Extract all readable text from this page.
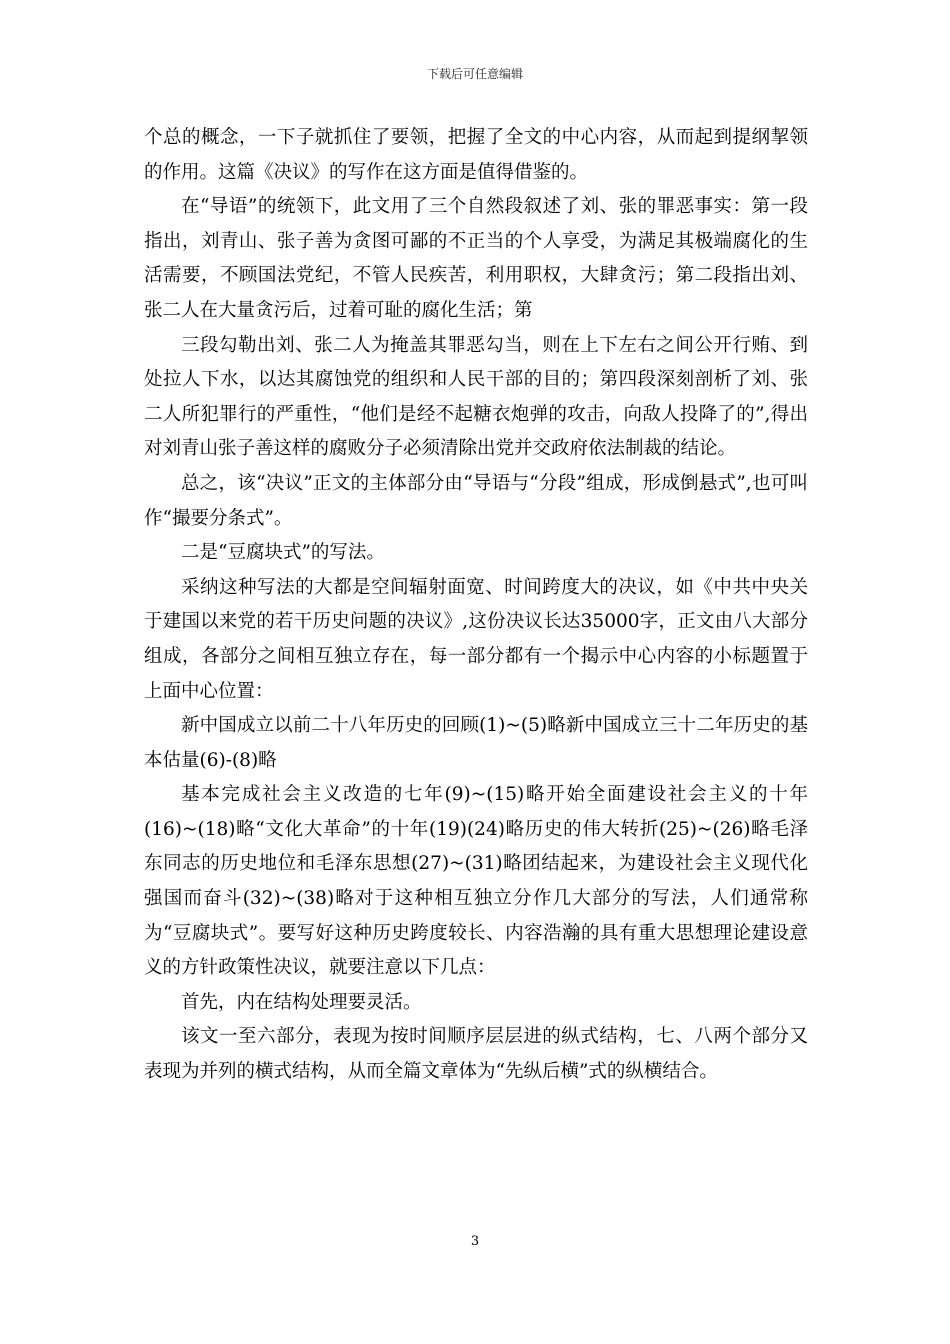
下载后可任意编辑

个总的概念，一下子就抓住了要领，把握了全文的中心内容，从而起到提纲挈领的作用。这篇《决议》的写作在这方面是值得借鉴的。

在“导语”的统领下，此文用了三个自然段叙述了刘、张的罪恶事实：第一段指出，刘青山、张子善为贪图可鄙的不正当的个人享受，为满足其极端腐化的生活需要，不顾国法党纪，不管人民疾苦，利用职权，大肆贪污；第二段指出刘、张二人在大量贪污后，过着可耻的腐化生活；第

三段勾勒出刘、张二人为掩盖其罪恶勾当，则在上下左右之间公开行贿、到处拉人下水，以达其腐蚀党的组织和人民干部的目的；第四段深刻剖析了刘、张二人所犯罪行的严重性，“他们是经不起糖衣炮弹的攻击，向敌人投降了的”,得出对刘青山张子善这样的腐败分子必须清除出党并交政府依法制裁的结论。

总之，该“决议”正文的主体部分由“导语与“分段”组成，形成倒悬式”,也可叫作“撮要分条式”。

二是“豆腐块式”的写法。

采纳这种写法的大都是空间辐射面宽、时间跨度大的决议，如《中共中央关于建国以来党的若干历史问题的决议》,这份决议长达35000字，正文由八大部分组成，各部分之间相互独立存在，每一部分都有一个揭示中心内容的小标题置于上面中心位置：

新中国成立以前二十八年历史的回顾(1)~(5)略新中国成立三十二年历史的基本估量(6)-(8)略

基本完成社会主义改造的七年(9)~(15)略开始全面建设社会主义的十年(16)~(18)略“文化大革命”的十年(19)(24)略历史的伟大转折(25)~(26)略毛泽东同志的历史地位和毛泽东思想(27)~(31)略团结起来，为建设社会主义现代化强国而奋斗(32)~(38)略对于这种相互独立分作几大部分的写法，人们通常称为“豆腐块式”。要写好这种历史跨度较长、内容浩瀚的具有重大思想理论建设意义的方针政策性决议，就要注意以下几点：

首先，内在结构处理要灵活。

该文一至六部分，表现为按时间顺序层层进的纵式结构，七、八两个部分又表现为并列的横式结构，从而全篇文章体为“先纵后横”式的纵横结合。

3
